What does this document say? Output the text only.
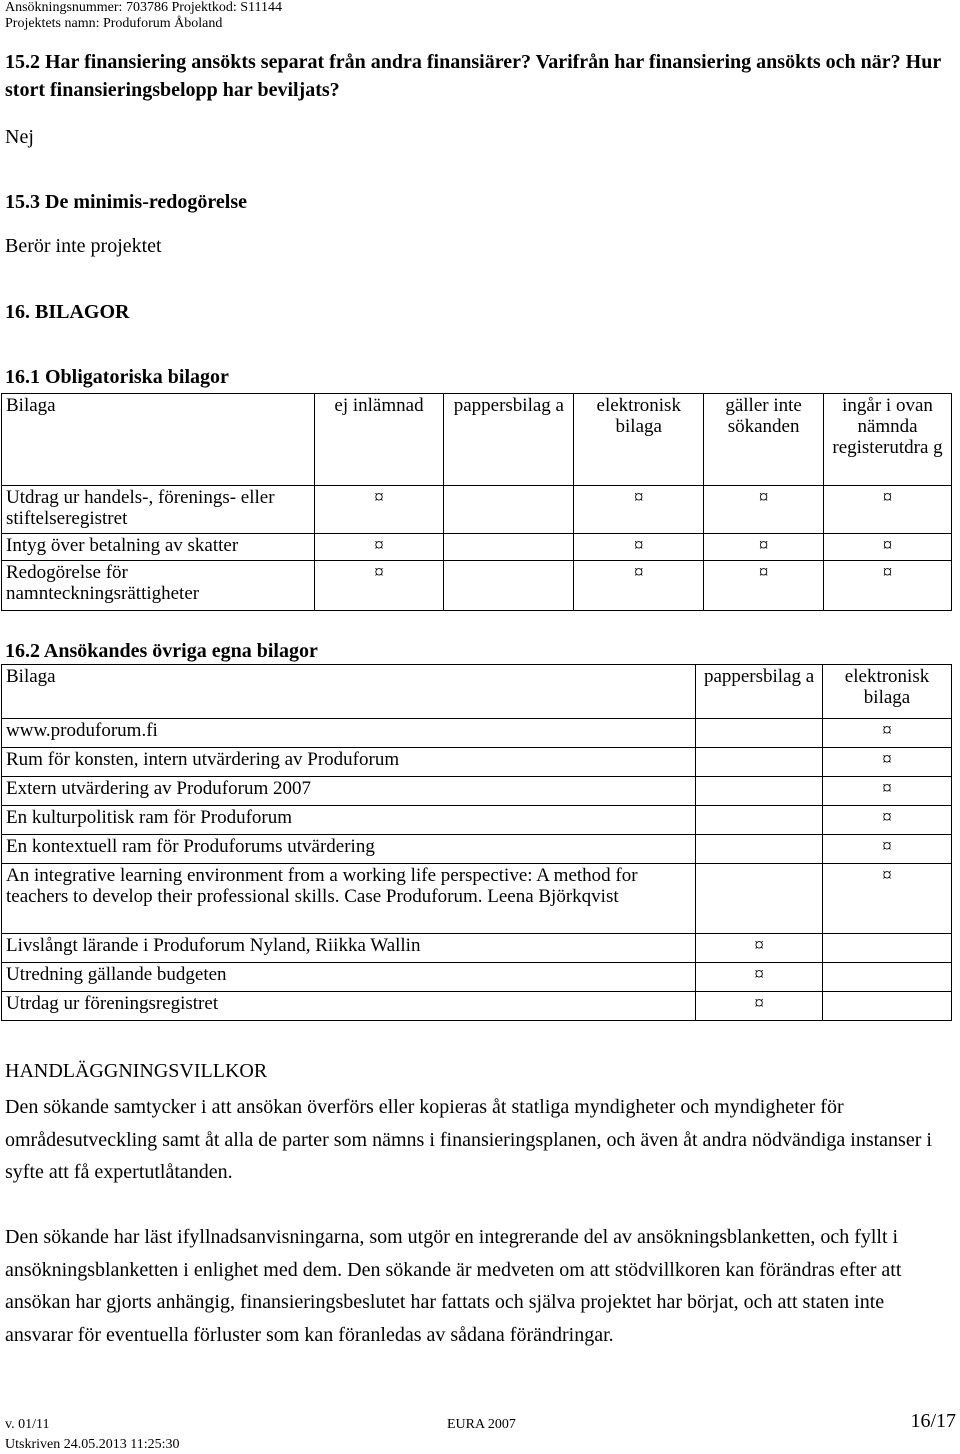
Ansökningsnummer: 703786 Projektkod: S11144
Projektets namn: Produforum Åboland
15.2 Har finansiering ansökts separat från andra finansiärer? Varifrån har finansiering ansökts och när? Hur stort finansieringsbelopp har beviljats?
Nej
15.3 De minimis-redogörelse
Berör inte projektet
16. BILAGOR
16.1 Obligatoriska bilagor
Bilaga	ej inlämnad	pappersbilag a	elektronisk bilaga	gäller inte sökanden	ingår i ovan nämnda registerutdra g
Utdrag ur handels-, förenings- eller stiftelseregistret	¤		¤	¤	¤
Intyg över betalning av skatter	¤		¤	¤	¤
Redogörelse för namnteckningsrättigheter	¤		¤	¤	¤
16.2 Ansökandes övriga egna bilagor
Bilaga	pappersbilag a	elektronisk bilaga
www.produforum.fi		¤
Rum för konsten, intern utvärdering av Produforum		¤
Extern utvärdering av Produforum 2007		¤
En kulturpolitisk ram för Produforum		¤
En kontextuell ram för Produforums utvärdering		¤
An integrative learning environment from a working life perspective: A method for teachers to develop their professional skills. Case Produforum. Leena Björkqvist		¤
Livslångt lärande i Produforum Nyland, Riikka Wallin	¤	
Utredning gällande budgeten	¤	
Utrdag ur föreningsregistret	¤	
HANDLÄGGNINGSVILLKOR
Den sökande samtycker i att ansökan överförs eller kopieras åt statliga myndigheter och myndigheter för områdesutveckling samt åt alla de parter som nämns i finansieringsplanen, och även åt andra nödvändiga instanser i syfte att få expertutlåtanden.
Den sökande har läst ifyllnadsanvisningarna, som utgör en integrerande del av ansökningsblanketten, och fyllt i ansökningsblanketten i enlighet med dem. Den sökande är medveten om att stödvillkoren kan förändras efter att ansökan har gjorts anhängig, finansieringsbeslutet har fattats och själva projektet har börjat, och att staten inte ansvarar för eventuella förluster som kan föranledas av sådana förändringar.
v. 01/11	EURA 2007	16/17
Utskriven 24.05.2013 11:25:30
